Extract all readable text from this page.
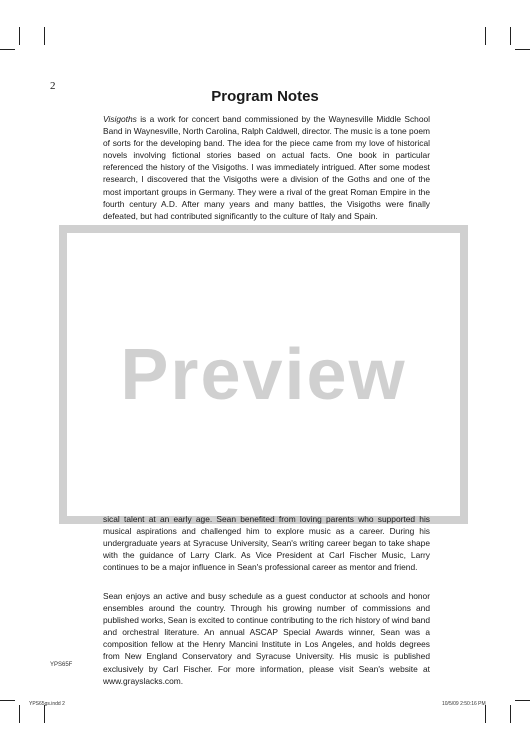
2
Program Notes

Visigoths is a work for concert band commissioned by the Waynesville Middle School Band in Waynesville, North Carolina, Ralph Caldwell, director. The music is a tone poem of sorts for the developing band. The idea for the piece came from my love of historical novels involving fictional stories based on actual facts. One book in particular referenced the history of the Visigoths. I was immediately intrigued. After some modest research, I discovered that the Visigoths were a division of the Goths and one of the most important groups in Germany. They were a rival of the great Roman Empire in the fourth century A.D. After many years and many battles, the Visigoths were finally defeated, but had contributed significantly to the culture of Italy and Spain.

Preview

sical talent at an early age. Sean benefited from loving parents who supported his musical aspirations and challenged him to explore music as a career. During his undergraduate years at Syracuse University, Sean's writing career began to take shape with the guidance of Larry Clark. As Vice President at Carl Fischer Music, Larry continues to be a major influence in Sean's professional career as mentor and friend.

Sean enjoys an active and busy schedule as a guest conductor at schools and honor ensembles around the country. Through his growing number of commissions and published works, Sean is excited to continue contributing to the rich history of wind band and orchestral literature. An annual ASCAP Special Awards winner, Sean was a composition fellow at the Henry Mancini Institute in Los Angeles, and holds degrees from New England Conservatory and Syracuse University. His music is published exclusively by Carl Fischer. For more information, please visit Sean's website at www.grayslacks.com.

YPS65F
YPS65gs.indd 2	10/5/09 2:50:16 PM
